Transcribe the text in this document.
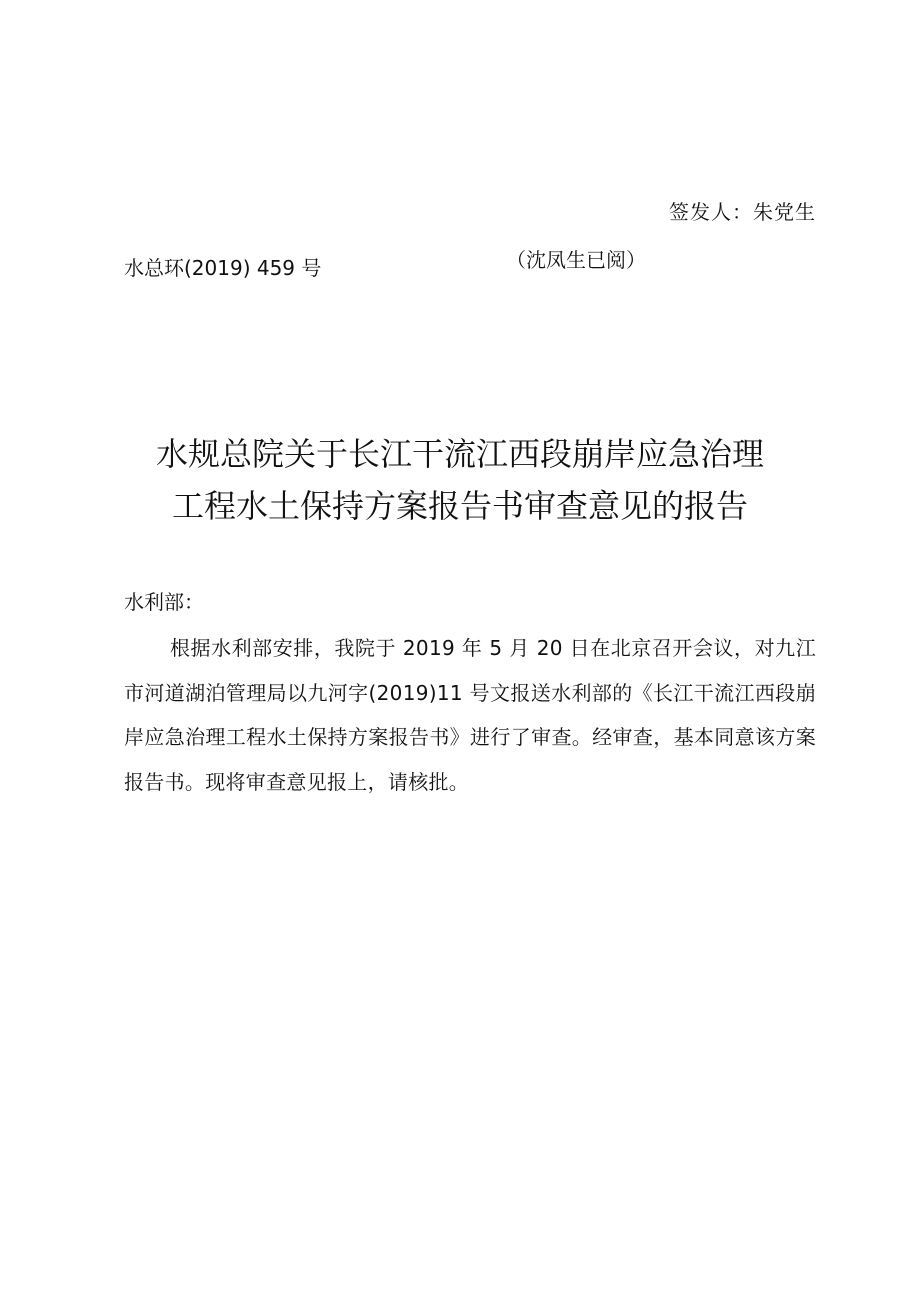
签发人：朱党生
水总环(2019) 459 号	（沈凤生已阅）
水规总院关于长江干流江西段崩岸应急治理
工程水土保持方案报告书审查意见的报告
水利部：

根据水利部安排，我院于 2019 年 5 月 20 日在北京召开会议，对九江市河道湖泊管理局以九河字(2019)11 号文报送水利部的《长江干流江西段崩岸应急治理工程水土保持方案报告书》进行了审查。经审查，基本同意该方案报告书。现将审查意见报上，请核批。
